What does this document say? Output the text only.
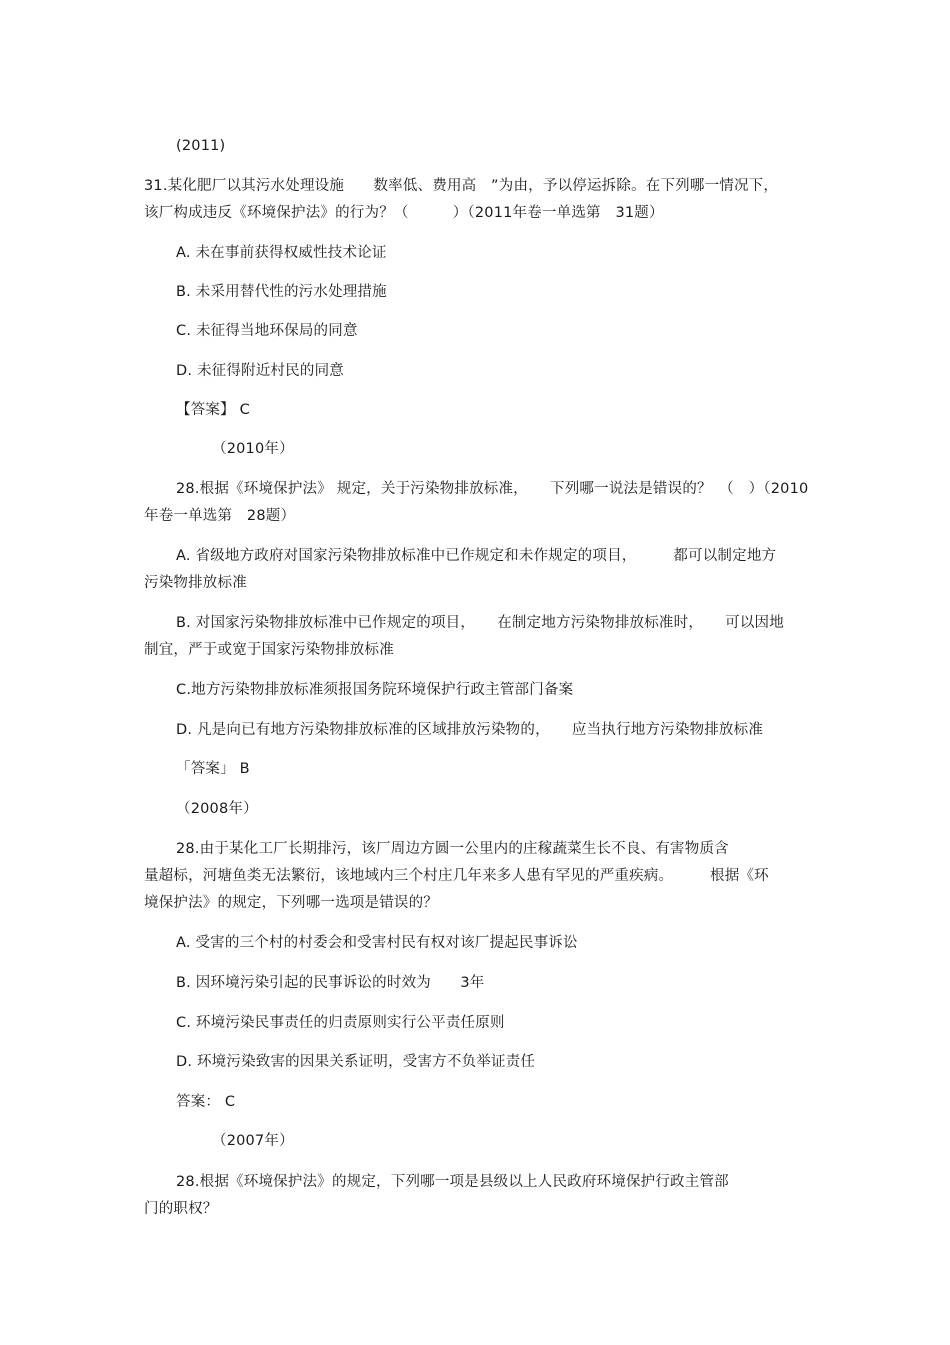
(2011)
31.某化肥厂以其污水处理设施　　数率低、费用高　”为由，予以停运拆除。在下列哪一情况下，
该厂构成违反《环境保护法》的行为？（　　　）（2011年卷一单选第　31题）
A. 未在事前获得权威性技术论证
B. 未采用替代性的污水处理措施
C. 未征得当地环保局的同意
D. 未征得附近村民的同意
【答案】 C
（2010年）
28.根据《环境保护法》 规定，关于污染物排放标准，　　下列哪一说法是错误的？　（　）（2010
年卷一单选第　28题）
A. 省级地方政府对国家污染物排放标准中已作规定和未作规定的项目，　　　都可以制定地方
污染物排放标准
B. 对国家污染物排放标准中已作规定的项目，　　在制定地方污染物排放标准时，　　可以因地
制宜，严于或宽于国家污染物排放标准
C.地方污染物排放标准须报国务院环境保护行政主管部门备案
D. 凡是向已有地方污染物排放标准的区域排放污染物的，　　应当执行地方污染物排放标准
「答案」 B
（2008年）
28.由于某化工厂长期排污，该厂周边方圆一公里内的庄稼蔬菜生长不良、有害物质含
量超标，河塘鱼类无法繁衍，该地域内三个村庄几年来多人患有罕见的严重疾病。　　　根据《环
境保护法》的规定，下列哪一选项是错误的？
A. 受害的三个村的村委会和受害村民有权对该厂提起民事诉讼
B. 因环境污染引起的民事诉讼的时效为　　3年
C. 环境污染民事责任的归责原则实行公平责任原则
D. 环境污染致害的因果关系证明，受害方不负举证责任
答案： C
（2007年）
28.根据《环境保护法》的规定，下列哪一项是县级以上人民政府环境保护行政主管部
门的职权？
